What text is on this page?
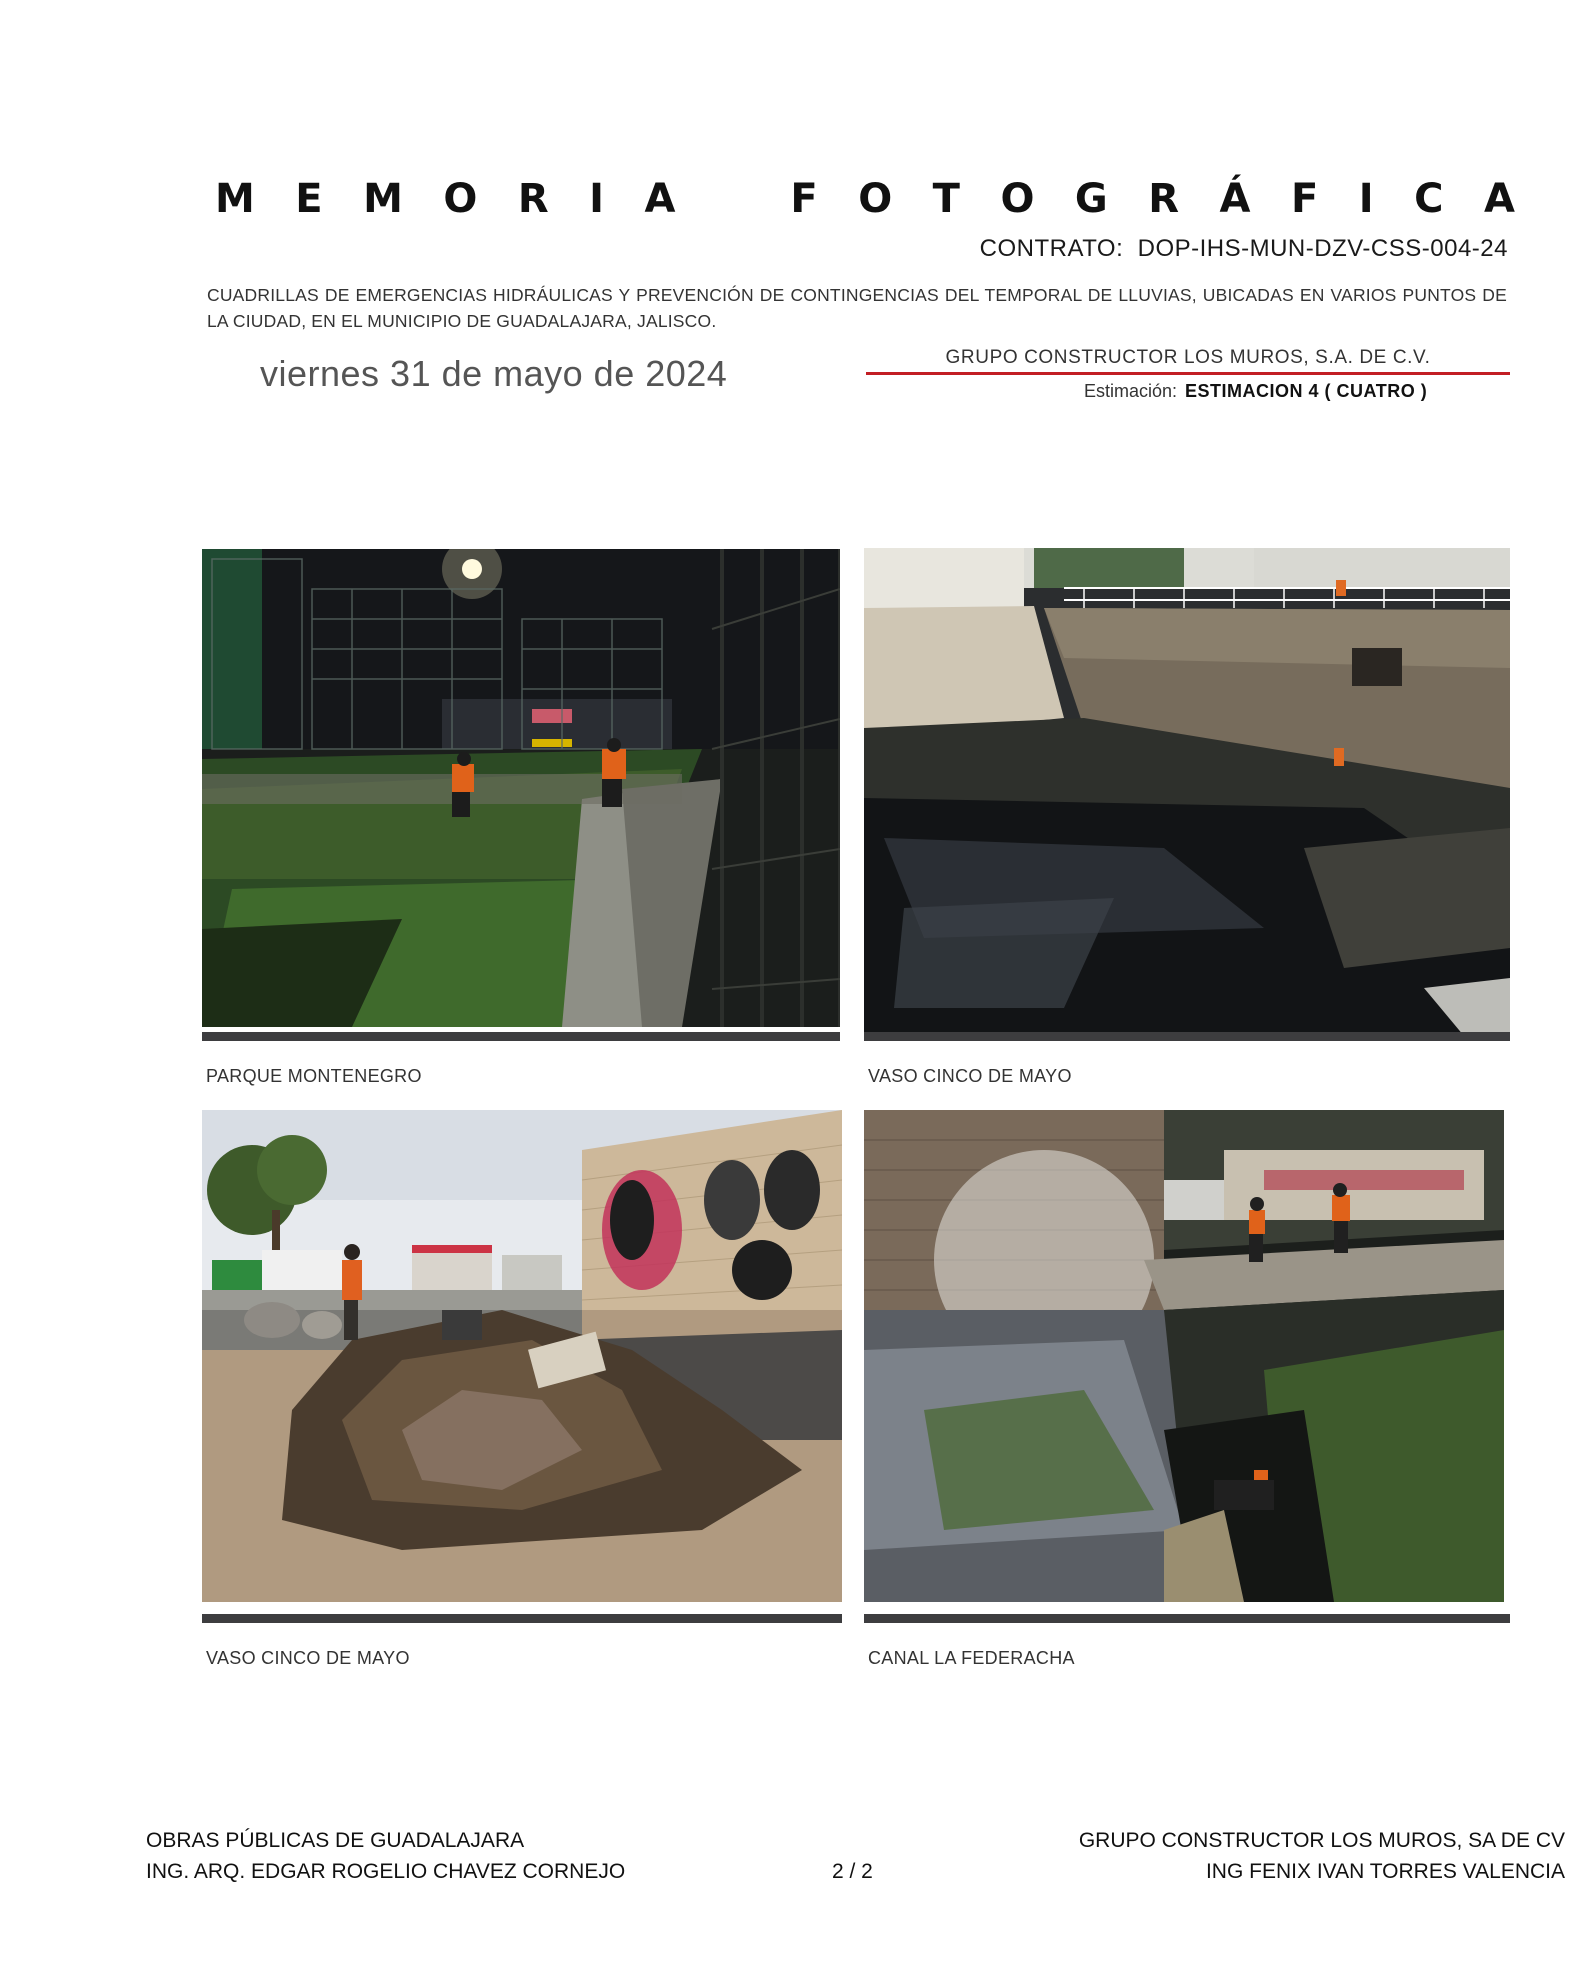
M E M O R I A	F O T O G R Á F I C A
CONTRATO: DOP-IHS-MUN-DZV-CSS-004-24
CUADRILLAS DE EMERGENCIAS HIDRÁULICAS Y PREVENCIÓN DE CONTINGENCIAS DEL TEMPORAL DE LLUVIAS, UBICADAS EN VARIOS PUNTOS DE LA CIUDAD, EN EL MUNICIPIO DE GUADALAJARA, JALISCO.
viernes 31 de mayo de 2024	GRUPO CONSTRUCTOR LOS MUROS, S.A. DE C.V.
Estimación: ESTIMACION 4 ( CUATRO )
PARQUE MONTENEGRO	VASO CINCO DE MAYO
VASO CINCO DE MAYO	CANAL LA FEDERACHA
OBRAS PÚBLICAS DE GUADALAJARA
ING. ARQ. EDGAR ROGELIO CHAVEZ CORNEJO	2 / 2
GRUPO CONSTRUCTOR LOS MUROS, SA DE CV
ING FENIX IVAN TORRES VALENCIA
